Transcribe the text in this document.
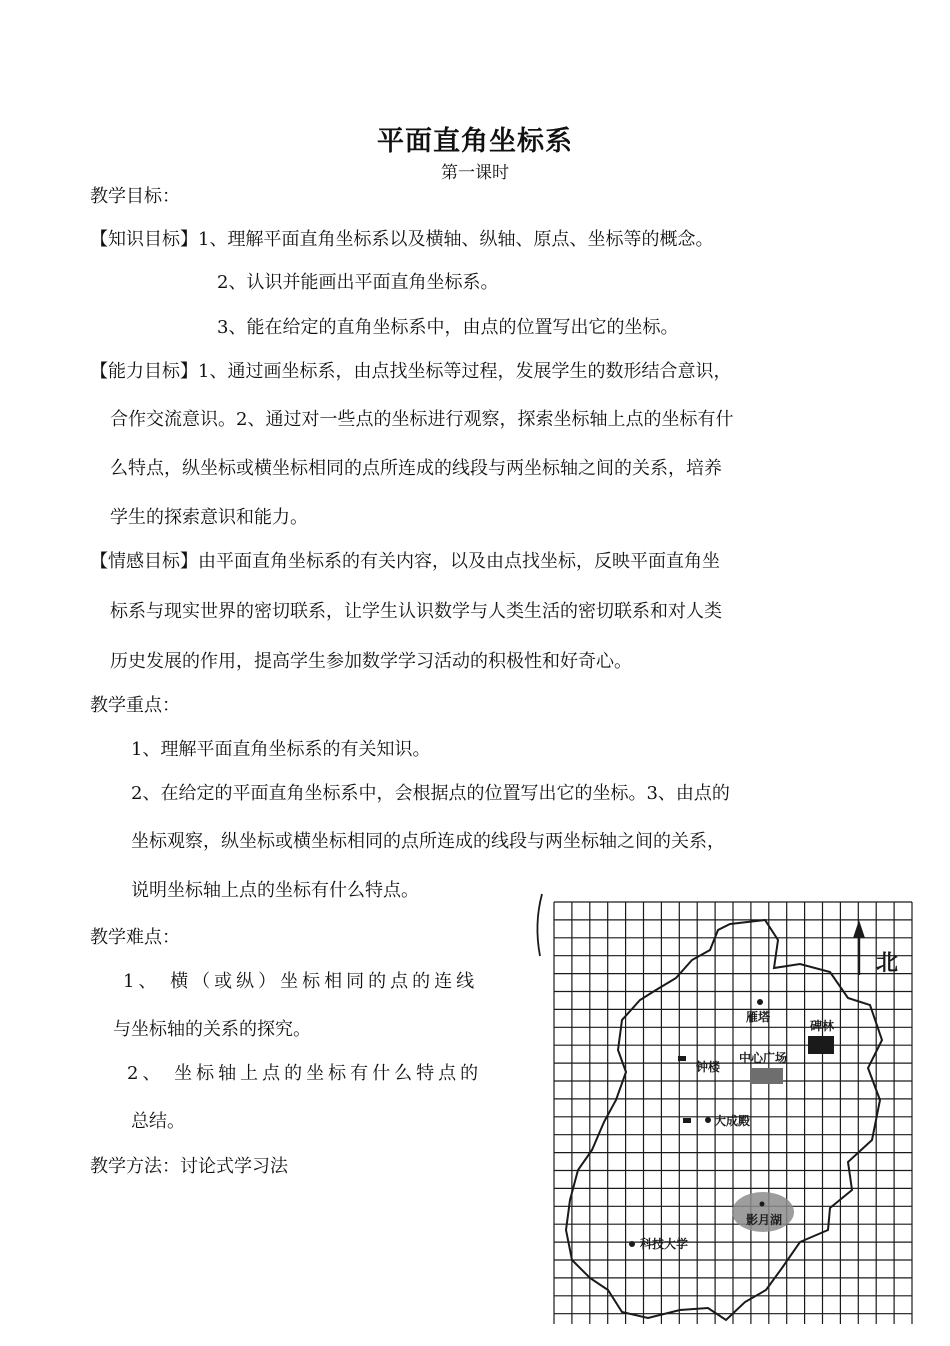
平面直角坐标系
第一课时
教学目标：
【知识目标】1、理解平面直角坐标系以及横轴、纵轴、原点、坐标等的概念。
2、认识并能画出平面直角坐标系。
3、能在给定的直角坐标系中，由点的位置写出它的坐标。
【能力目标】1、通过画坐标系，由点找坐标等过程，发展学生的数形结合意识，
合作交流意识。2、通过对一些点的坐标进行观察，探索坐标轴上点的坐标有什
么特点，纵坐标或横坐标相同的点所连成的线段与两坐标轴之间的关系，培养
学生的探索意识和能力。
【情感目标】由平面直角坐标系的有关内容，以及由点找坐标，反映平面直角坐
标系与现实世界的密切联系，让学生认识数学与人类生活的密切联系和对人类
历史发展的作用，提高学生参加数学学习活动的积极性和好奇心。
教学重点：
1、理解平面直角坐标系的有关知识。
2、在给定的平面直角坐标系中，会根据点的位置写出它的坐标。3、由点的
坐标观察，纵坐标或横坐标相同的点所连成的线段与两坐标轴之间的关系，
说明坐标轴上点的坐标有什么特点。
教学难点：
1、 横（或纵）坐标相同的点的连线
与坐标轴的关系的探究。
2、 坐标轴上点的坐标有什么特点的
总结。
教学方法：讨论式学习法
北
雁塔
碑林
钟楼
中心广场
大成殿
影月湖
科技大学
